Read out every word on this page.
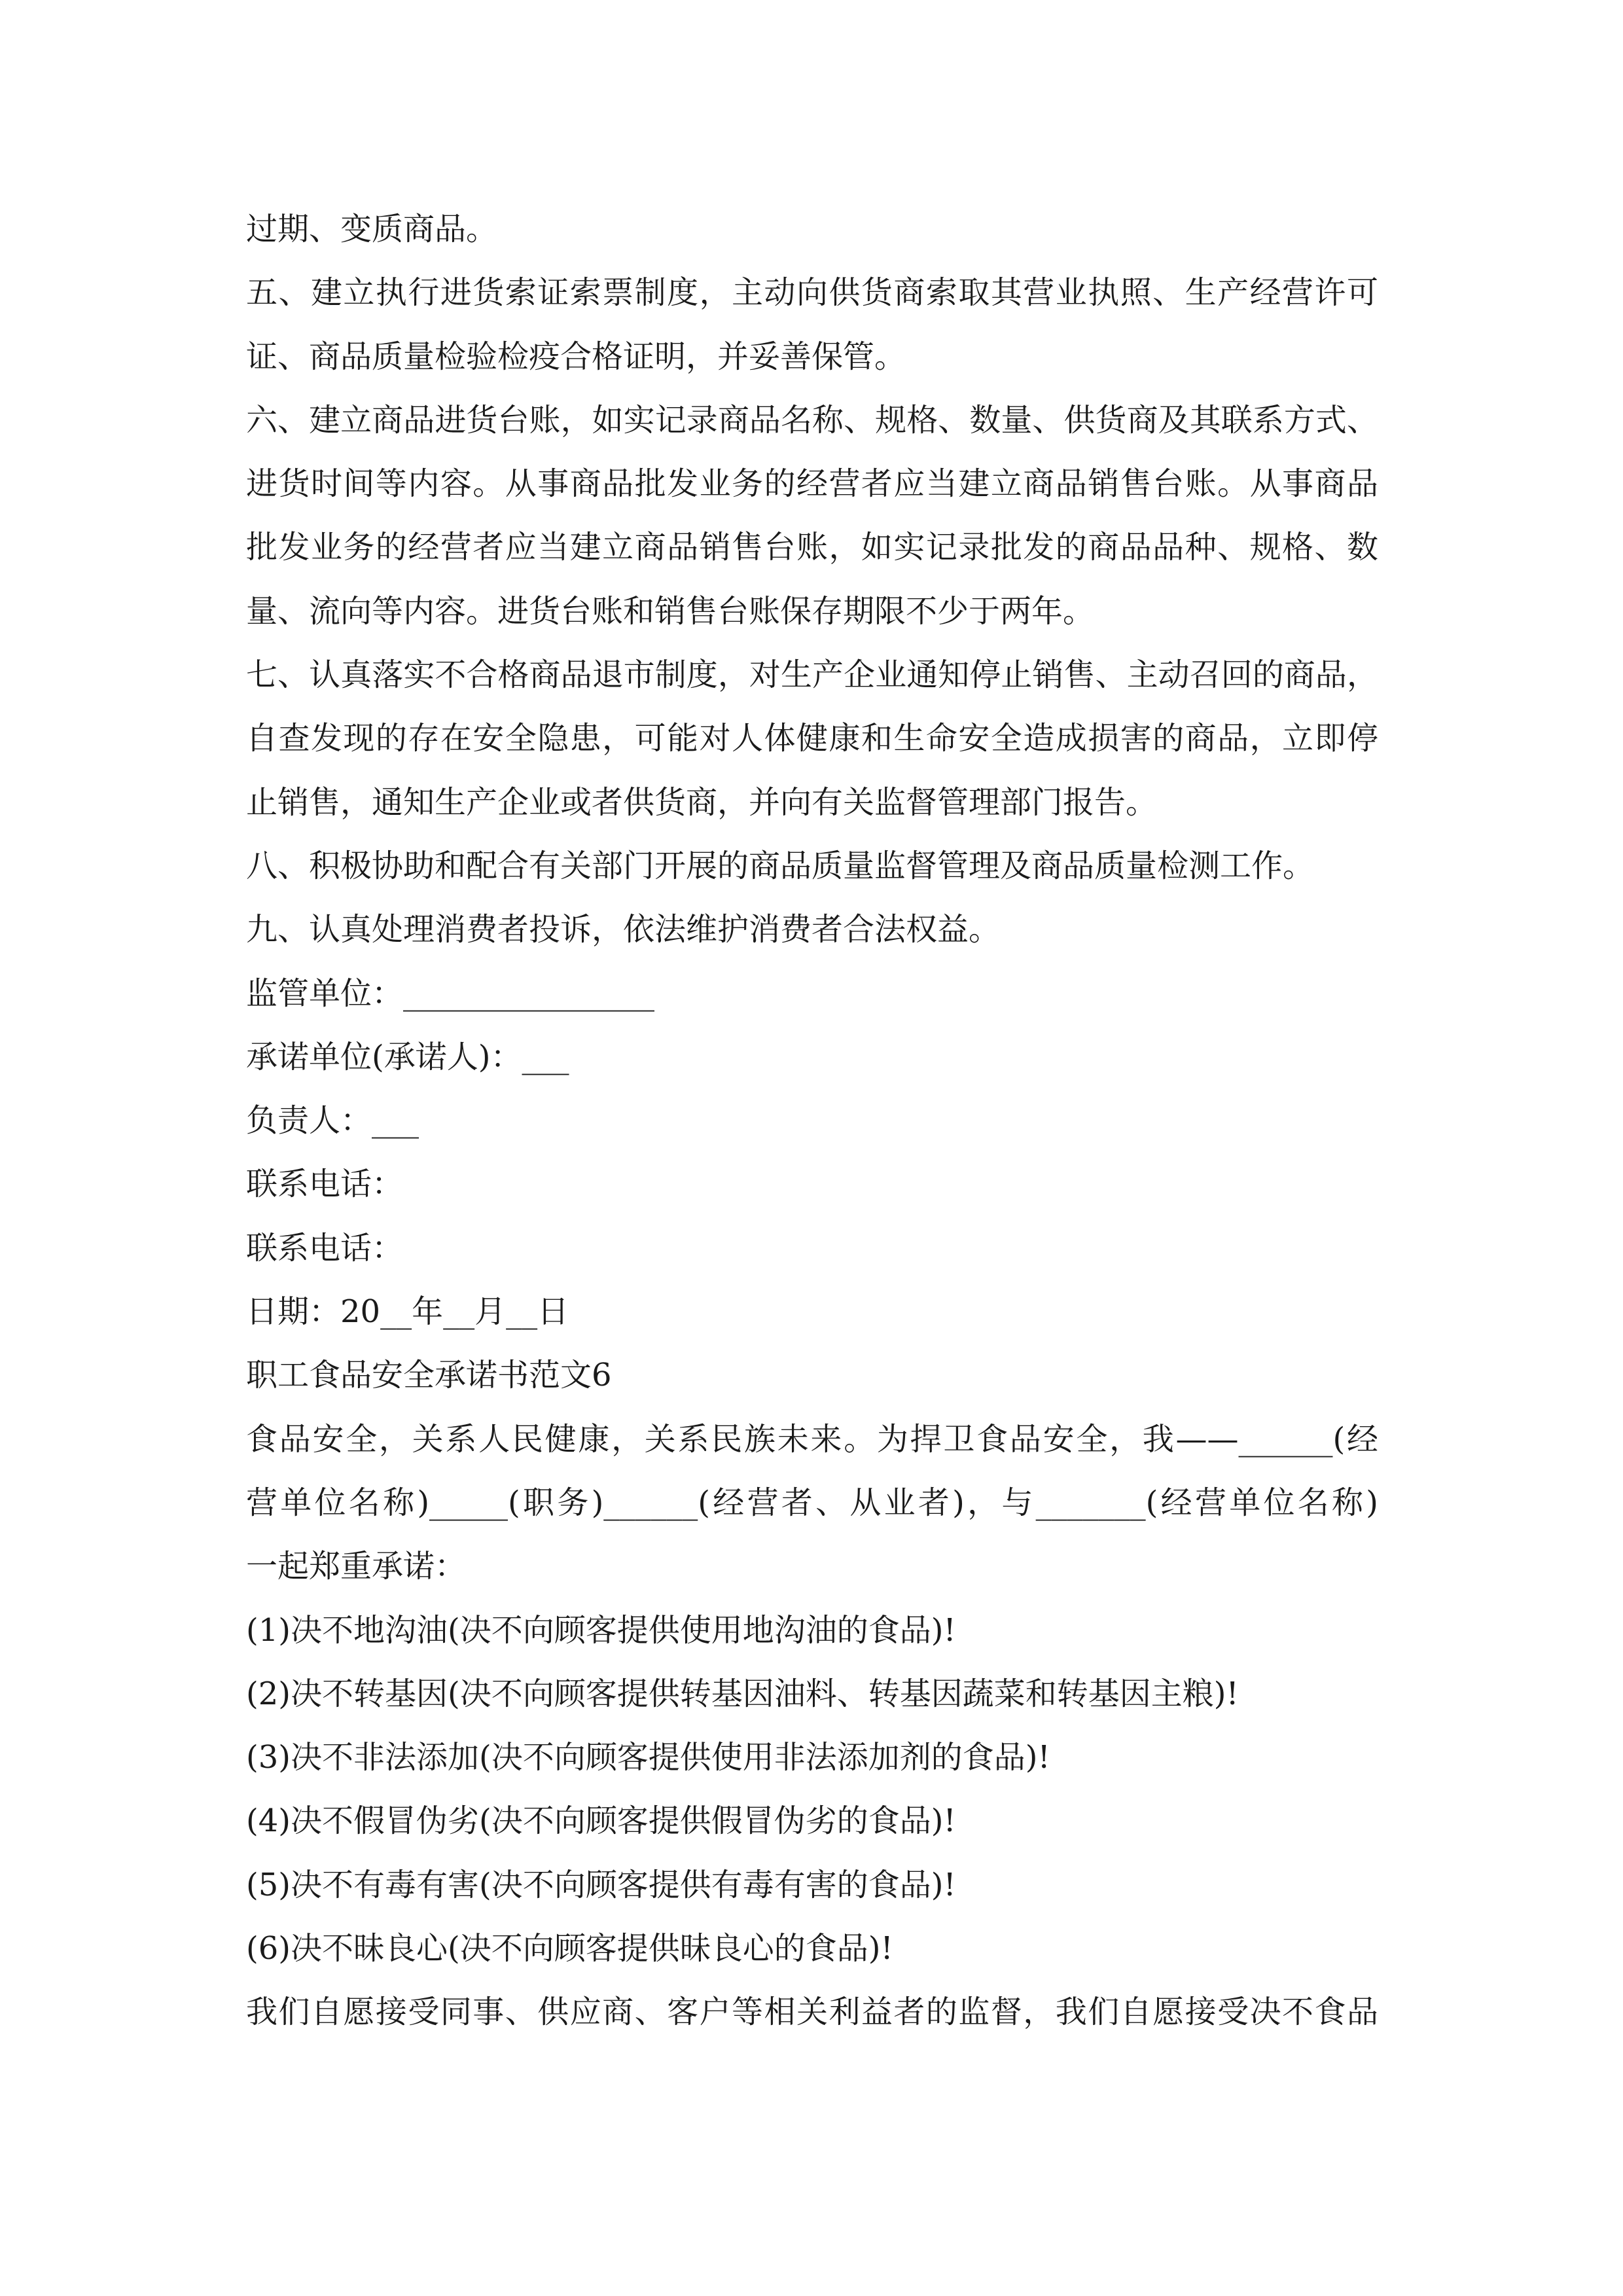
过期、变质商品。
五、建立执行进货索证索票制度，主动向供货商索取其营业执照、生产经营许可
证、商品质量检验检疫合格证明，并妥善保管。
六、建立商品进货台账，如实记录商品名称、规格、数量、供货商及其联系方式、
进货时间等内容。从事商品批发业务的经营者应当建立商品销售台账。从事商品
批发业务的经营者应当建立商品销售台账，如实记录批发的商品品种、规格、数
量、流向等内容。进货台账和销售台账保存期限不少于两年。
七、认真落实不合格商品退市制度，对生产企业通知停止销售、主动召回的商品，
自查发现的存在安全隐患，可能对人体健康和生命安全造成损害的商品，立即停
止销售，通知生产企业或者供货商，并向有关监督管理部门报告。
八、积极协助和配合有关部门开展的商品质量监督管理及商品质量检测工作。
九、认真处理消费者投诉，依法维护消费者合法权益。
监管单位：________________
承诺单位(承诺人)：___
负责人：___
联系电话：
联系电话：
日期：20__年__月__日
职工食品安全承诺书范文6
食品安全，关系人民健康，关系民族未来。为捍卫食品安全，我——______(经
营单位名称)_____(职务)______(经营者、从业者)，与_______(经营单位名称)
一起郑重承诺：
(1)决不地沟油(决不向顾客提供使用地沟油的食品)!
(2)决不转基因(决不向顾客提供转基因油料、转基因蔬菜和转基因主粮)!
(3)决不非法添加(决不向顾客提供使用非法添加剂的食品)!
(4)决不假冒伪劣(决不向顾客提供假冒伪劣的食品)!
(5)决不有毒有害(决不向顾客提供有毒有害的食品)!
(6)决不昧良心(决不向顾客提供昧良心的食品)!
我们自愿接受同事、供应商、客户等相关利益者的监督，我们自愿接受决不食品
